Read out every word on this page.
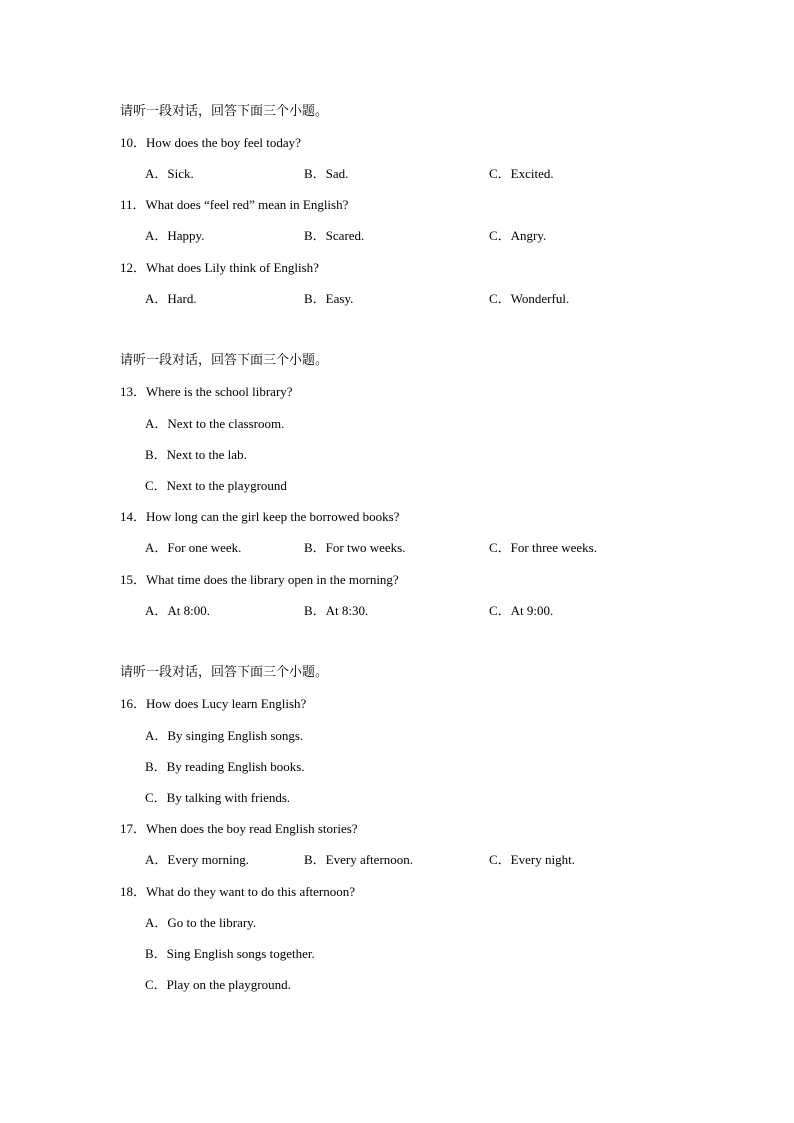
请听一段对话，回答下面三个小题。
10．How does the boy feel today?
A．Sick.	B．Sad.	C．Excited.
11．What does “feel red” mean in English?
A．Happy.	B．Scared.	C．Angry.
12．What does Lily think of English?
A．Hard.	B．Easy.	C．Wonderful.
请听一段对话，回答下面三个小题。
13．Where is the school library?
A．Next to the classroom.
B．Next to the lab.
C．Next to the playground
14．How long can the girl keep the borrowed books?
A．For one week.	B．For two weeks.	C．For three weeks.
15．What time does the library open in the morning?
A．At 8:00.	B．At 8:30.	C．At 9:00.
请听一段对话，回答下面三个小题。
16．How does Lucy learn English?
A．By singing English songs.
B．By reading English books.
C．By talking with friends.
17．When does the boy read English stories?
A．Every morning.	B．Every afternoon.	C．Every night.
18．What do they want to do this afternoon?
A．Go to the library.
B．Sing English songs together.
C．Play on the playground.
